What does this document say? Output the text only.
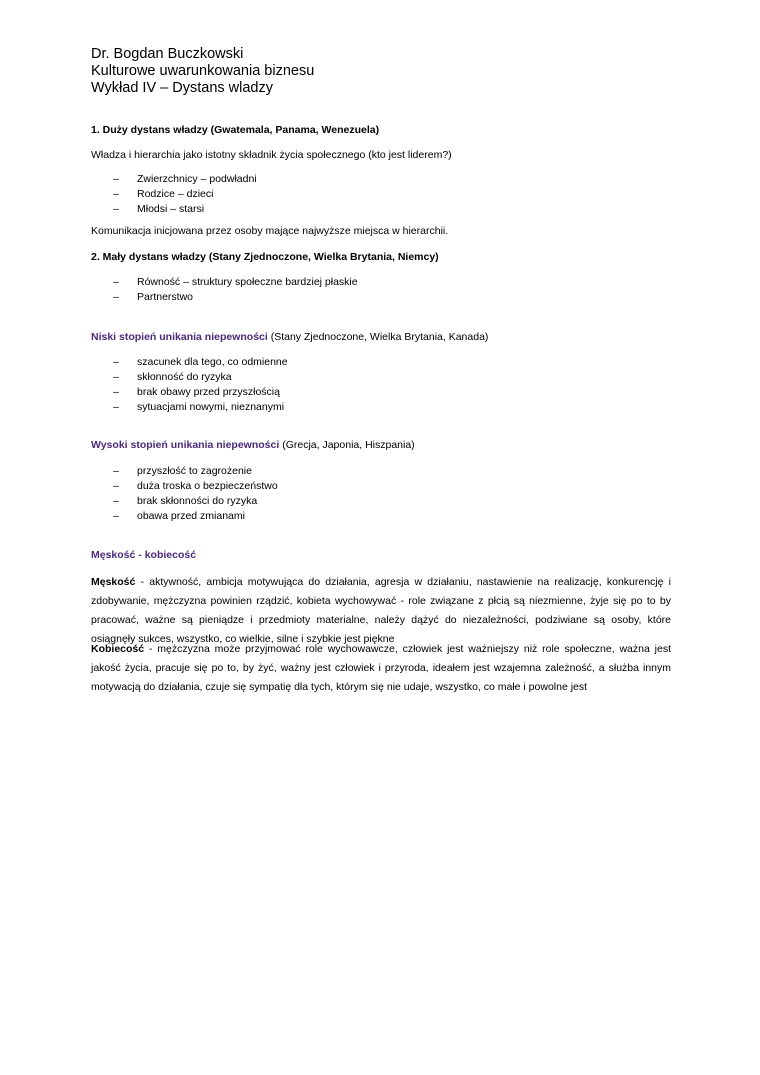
Dr. Bogdan Buczkowski
Kulturowe uwarunkowania biznesu
Wykład IV – Dystans wladzy
1. Duży dystans władzy (Gwatemala, Panama, Wenezuela)
Władza i hierarchia jako istotny składnik życia społecznego (kto jest liderem?)
– Zwierzchnicy – podwładni
– Rodzice – dzieci
– Młodsi – starsi
Komunikacja inicjowana przez osoby mające najwyższe miejsca w hierarchii.
2. Mały dystans władzy (Stany Zjednoczone, Wielka Brytania, Niemcy)
– Równość – struktury społeczne bardziej płaskie
– Partnerstwo
Niski stopień unikania niepewności (Stany Zjednoczone, Wielka Brytania, Kanada)
– szacunek dla tego, co odmienne
– skłonność do ryzyka
– brak obawy przed przyszłością
– sytuacjami nowymi, nieznanymi
Wysoki stopień unikania niepewności (Grecja, Japonia, Hiszpania)
– przyszłość to zagrożenie
– duża troska o bezpieczeństwo
– brak skłonności do ryzyka
– obawa przed zmianami
Męskość - kobiecość
Męskość - aktywność, ambicja motywująca do działania, agresja w działaniu, nastawienie na realizację, konkurencję i zdobywanie, mężczyzna powinien rządzić, kobieta wychowywać - role związane z płcią są niezmienne, żyje się po to by pracować, ważne są pieniądze i przedmioty materialne, należy dążyć do niezależności, podziwiane są osoby, które osiągnęły sukces, wszystko, co wielkie, silne i szybkie jest piękne
Kobiecość - mężczyzna może przyjmować role wychowawcze, człowiek jest ważniejszy niż role społeczne, ważna jest jakość życia, pracuje się po to, by żyć, ważny jest człowiek i przyroda, ideałem jest wzajemna zależność, a służba innym motywacją do działania, czuje się sympatię dla tych, którym się nie udaje, wszystko, co małe i powolne jest
